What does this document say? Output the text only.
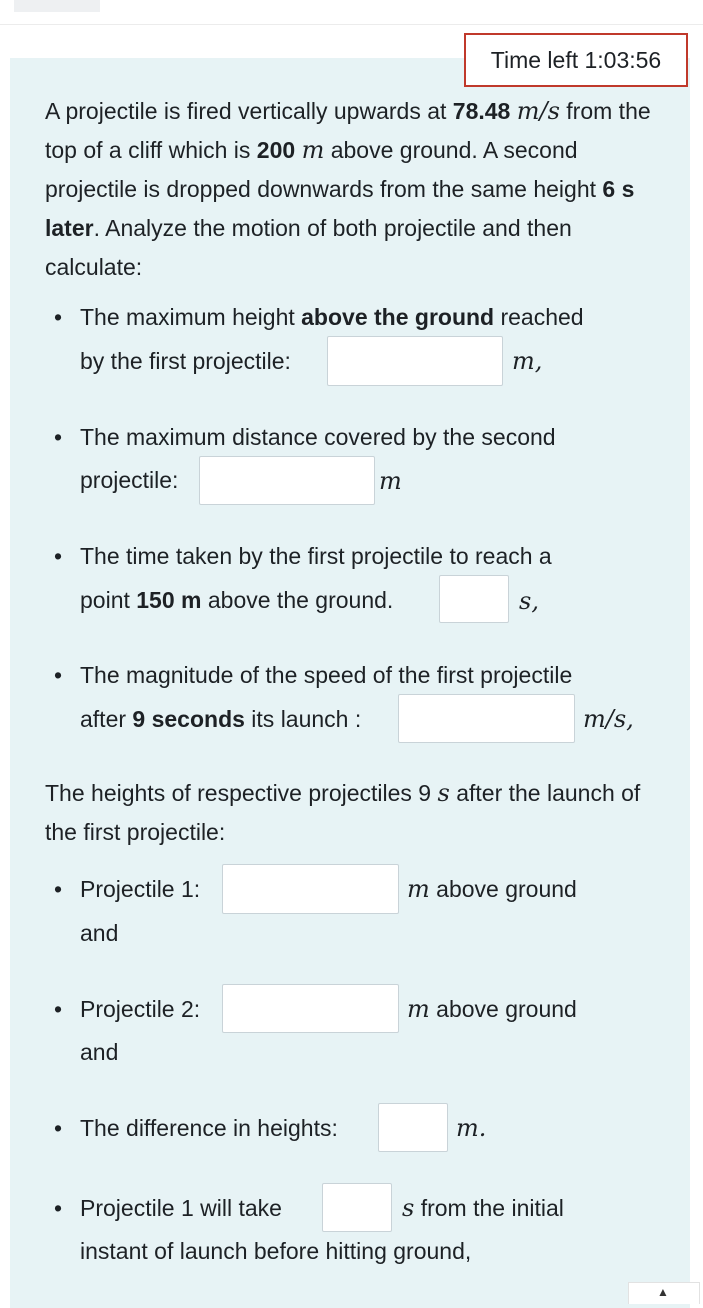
Time left 1:03:56

A projectile is fired vertically upwards at 78.48 m/s from the top of a cliff which is 200 m above ground. A second projectile is dropped downwards from the same height 6 s later. Analyze the motion of both projectile and then calculate:

• The maximum height above the ground reached
by the first projectile:	m,
• The maximum distance covered by the second
projectile:	m
• The time taken by the first projectile to reach a
point 150 m above the ground.	s,
• The magnitude of the speed of the first projectile
after 9 seconds its launch :	m/s,

The heights of respective projectiles 9 s after the launch of the first projectile:

• Projectile 1:	m above ground
and
• Projectile 2:	m above ground
and
• The difference in heights:	m.
• Projectile 1 will take	s from the initial
instant of launch before hitting ground,
▲
